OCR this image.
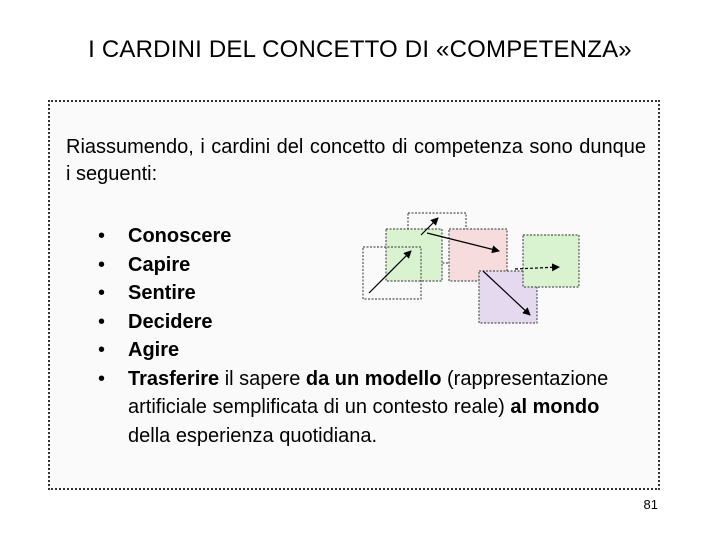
I CARDINI DEL CONCETTO DI «COMPETENZA»
Riassumendo, i cardini del concetto di competenza sono dunque i seguenti:
• Conoscere
• Capire
• Sentire
• Decidere
• Agire
• Trasferire il sapere da un modello (rappresentazione artificiale semplificata di un contesto reale) al mondo della esperienza quotidiana.
81
